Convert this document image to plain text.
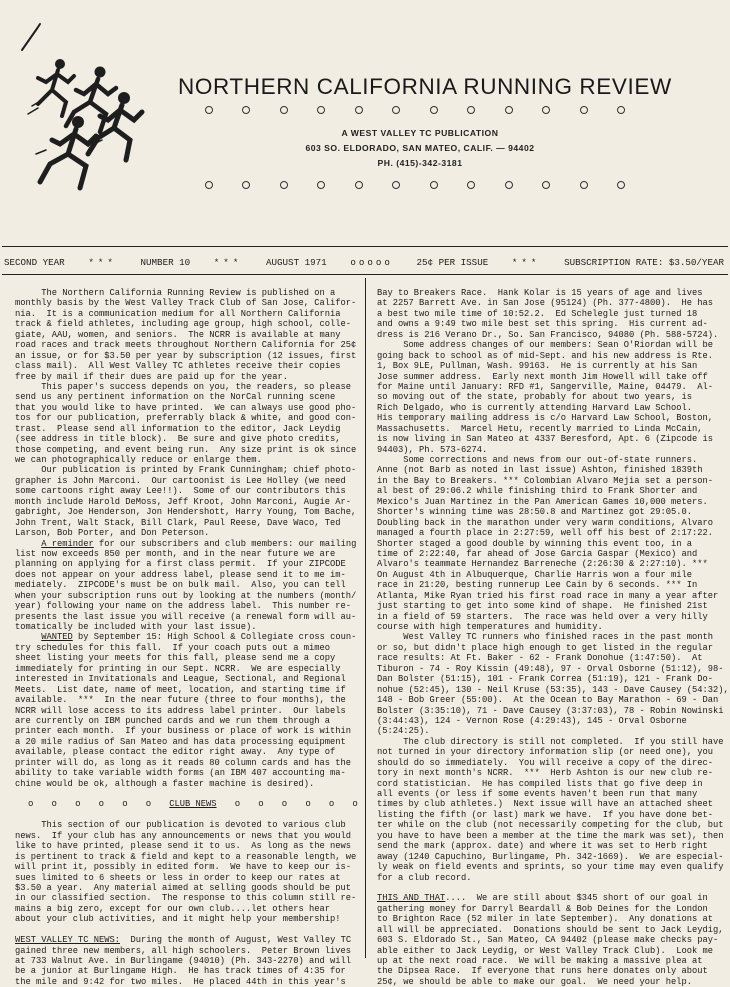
NORTHERN CALIFORNIA RUNNING REVIEW
A WEST VALLEY TC PUBLICATION
603 SO. ELDORADO, SAN MATEO, CALIF. — 94402
PH. (415)-342-3181
SECOND YEAR	***	NUMBER 10	***	AUGUST 1971	ooooo	25¢ PER ISSUE	***	SUBSCRIPTION RATE: $3.50/YEAR
The Northern California Running Review is published on a
monthly basis by the West Valley Track Club of San Jose, Califor-
nia.  It is a communication medium for all Northern California
track & field athletes, including age group, high school, colle-
giate, AAU, women, and seniors.  The NCRR is available at many
road races and track meets throughout Northern California for 25¢
an issue, or for $3.50 per year by subscription (12 issues, first
class mail).  All West Valley TC athletes receive their copies
free by mail if their dues are paid up for the year.
This paper's success depends on you, the readers, so please
send us any pertinent information on the NorCal running scene
that you would like to have printed.  We can always use good pho-
tos for our publication, preferrably black & white, and good con-
trast.  Please send all information to the editor, Jack Leydig
(see address in title block).  Be sure and give photo credits,
those competing, and event being run.  Any size print is ok since
we can photographically reduce or enlarge them.
Our publication is printed by Frank Cunningham; chief photo-
grapher is John Marconi.  Our cartoonist is Lee Holley (we need
some cartoons right away Lee!!).  Some of our contributors this
month include Harold DeMoss, Jeff Kroot, John Marconi, Augie Ar-
gabright, Joe Henderson, Jon Hendershott, Harry Young, Tom Bache,
John Trent, Walt Stack, Bill Clark, Paul Reese, Dave Waco, Ted
Larson, Bob Porter, and Don Peterson.
A reminder for our subscribers and club members: our mailing
list now exceeds 850 per month, and in the near future we are
planning on applying for a first class permit.  If your ZIPCODE
does not appear on your address label, please send it to me im-
mediately.  ZIPCODE's must be on bulk mail.  Also, you can tell
when your subscription runs out by looking at the numbers (month/
year) following your name on the address label.  This number re-
presents the last issue you will receive (a renewal form will au-
tomatically be included with your last issue).
WANTED by September 15: High School & Collegiate cross coun-
try schedules for this fall.  If your coach puts out a mimeo
sheet listing your meets for this fall, please send me a copy
immediately for printing in our Sept. NCRR.  We are especially
interested in Invitationals and League, Sectional, and Regional
Meets.  List date, name of meet, location, and starting time if
available.  ***  In the near future (three to four months), the
NCRR will lose access to its address label printer.  Our labels
are currently on IBM punched cards and we run them through a
printer each month.  If your business or place of work is within
a 20 mile radius of San Mateo and has data processing equipment
available, please contact the editor right away.  Any type of
printer will do, as long as it reads 80 column cards and has the
ability to take variable width forms (an IBM 407 accounting ma-
chine would be ok, although a faster machine is desired).
o o o o o o CLUB NEWS o o o o o o
This section of our publication is devoted to various club
news.  If your club has any announcements or news that you would
like to have printed, please send it to us.  As long as the news
is pertinent to track & field and kept to a reasonable length, we
will print it, possibly in edited form.  We have to keep our is-
sues limited to 6 sheets or less in order to keep our rates at
$3.50 a year.  Any material aimed at selling goods should be put
in our classified section.  The response to this column still re-
mains a big zero, except for our own club....let others hear
about your club activities, and it might help your membership!
WEST VALLEY TC NEWS:  During the month of August, West Valley TC
gained three new members, all high schoolers.  Peter Brown lives
at 733 Walnut Ave. in Burlingame (94010) (Ph. 343-2270) and will
be a junior at Burlingame High.  He has track times of 4:35 for
the mile and 9:42 for two miles.  He placed 44th in this year's
Bay to Breakers Race.  Hank Kolar is 15 years of age and lives
at 2257 Barrett Ave. in San Jose (95124) (Ph. 377-4800).  He has
a best two mile time of 10:52.2.  Ed Schelegle just turned 18
and owns a 9:49 two mile best set this spring.  His current ad-
dress is 216 Verano Dr., So. San Francisco, 94080 (Ph. 588-5724).
Some address changes of our members: Sean O'Riordan will be
going back to school as of mid-Sept. and his new address is Rte.
1, Box 9LE, Pullman, Wash. 99163.  He is currently at his San
Jose summer address.  Early next month Jim Howell will take off
for Maine until January: RFD #1, Sangerville, Maine, 04479.  Al-
so moving out of the state, probably for about two years, is
Rich Delgado, who is currently attending Harvard Law School.
His temporary mailing address is c/o Harvard Law School, Boston,
Massachusetts.  Marcel Hetu, recently married to Linda McCain,
is now living in San Mateo at 4337 Beresford, Apt. 6 (Zipcode is
94403), Ph. 573-6274.
Some corrections and news from our out-of-state runners.
Anne (not Barb as noted in last issue) Ashton, finished 1839th
in the Bay to Breakers. *** Colombian Alvaro Mejia set a person-
al best of 29:06.2 while finishing third to Frank Shorter and
Mexico's Juan Martinez in the Pan American Games 10,000 meters.
Shorter's winning time was 28:50.8 and Martinez got 29:05.0.
Doubling back in the marathon under very warm conditions, Alvaro
managed a fourth place in 2:27:59, well off his best of 2:17:22.
Shorter staged a good double by winning this event too, in a
time of 2:22:40, far ahead of Jose Garcia Gaspar (Mexico) and
Alvaro's teammate Hernandez Barreneche (2:26:30 & 2:27:10). ***
On August 4th in Albuquerque, Charlie Harris won a four mile
race in 21:20, besting runnerup Lee Cain by 6 seconds. *** In
Atlanta, Mike Ryan tried his first road race in many a year after
just starting to get into some kind of shape.  He finished 21st
in a field of 59 starters.  The race was held over a very hilly
course with high temperatures and humidity.
West Valley TC runners who finished races in the past month
or so, but didn't place high enough to get listed in the regular
race results: At Ft. Baker - 62 - Frank Donohue (1:47:50).  At
Tiburon - 74 - Roy Kissin (49:48), 97 - Orval Osborne (51:12), 98-
Dan Bolster (51:15), 101 - Frank Correa (51:19), 121 - Frank Do-
nohue (52:45), 130 - Neil Kruse (53:35), 143 - Dave Causey (54:32),
148 - Bob Greer (55:00).  At the Ocean to Bay Marathon - 69 - Dan
Bolster (3:35:10), 71 - Dave Causey (3:37:03), 78 - Robin Nowinski
(3:44:43), 124 - Vernon Rose (4:29:43), 145 - Orval Osborne
(5:24:25).
The club directory is still not completed.  If you still have
not turned in your directory information slip (or need one), you
should do so immediately.  You will receive a copy of the direc-
tory in next month's NCRR.  ***  Herb Ashton is our new club re-
cord statistician.  He has compiled lists that go five deep in
all events (or less if some events haven't been run that many
times by club athletes.)  Next issue will have an attached sheet
listing the fifth (or last) mark we have.  If you have done bet-
ter while on the club (not necessarily competing for the club, but
you have to have been a member at the time the mark was set), then
send the mark (approx. date) and where it was set to Herb right
away (1240 Capuchino, Burlingame, Ph. 342-1669).  We are especial-
ly weak on field events and sprints, so your time may even qualify
for a club record.
THIS AND THAT....  We are still about $345 short of our goal in
gathering money for Darryl Beardall & Bob Deines for the London
to Brighton Race (52 miler in late September).  Any donations at
all will be appreciated.  Donations should be sent to Jack Leydig,
603 S. Eldorado St., San Mateo, CA 94402 (please make checks pay-
able either to Jack Leydig, or West Valley Track Club).  Look me
up at the next road race.  We will be making a massive plea at
the Dipsea Race.  If everyone that runs here donates only about
25¢, we should be able to make our goal.  We need your help.
